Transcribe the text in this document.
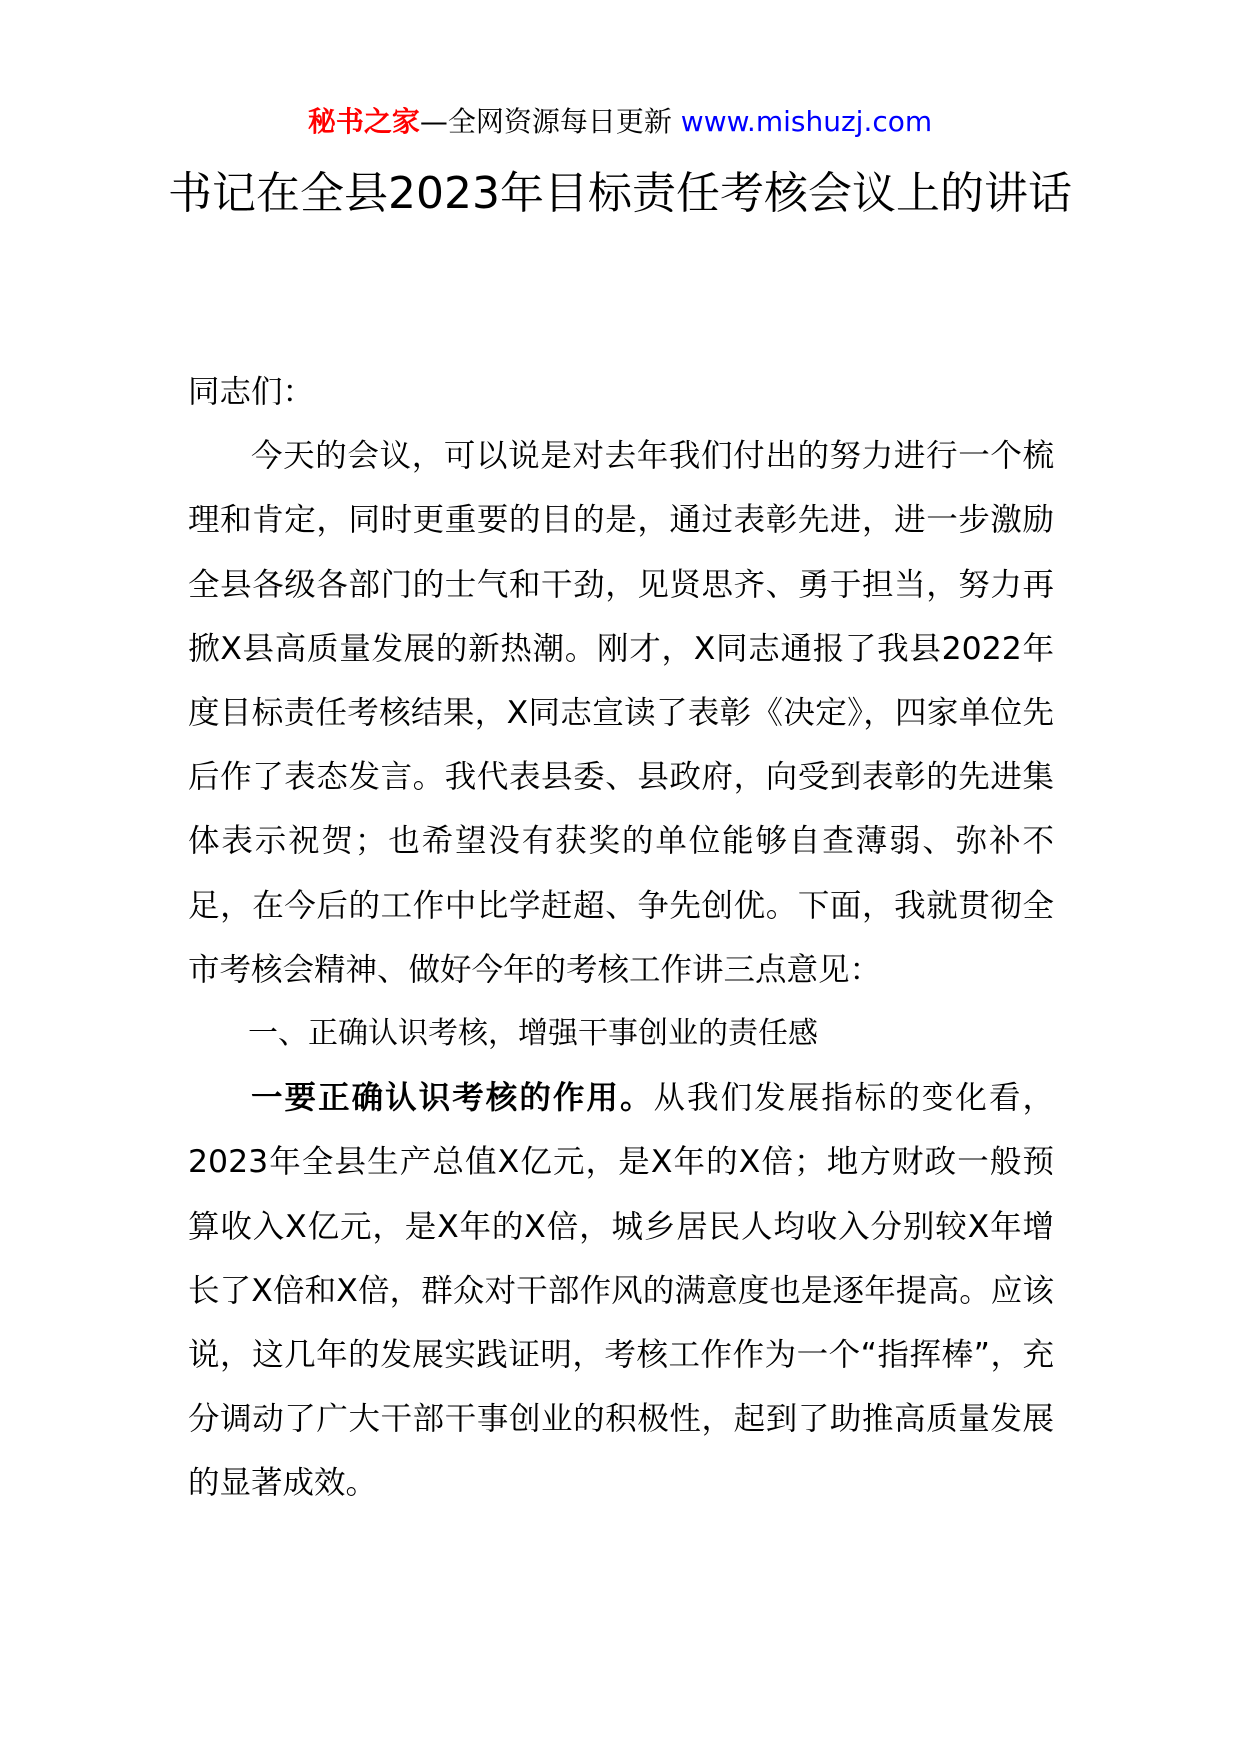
秘书之家—全网资源每日更新 www.mishuzj.com
书记在全县2023年目标责任考核会议上的讲话

同志们：

今天的会议，可以说是对去年我们付出的努力进行一个梳理和肯定，同时更重要的目的是，通过表彰先进，进一步激励全县各级各部门的士气和干劲，见贤思齐、勇于担当，努力再掀X县高质量发展的新热潮。刚才，X同志通报了我县2022年度目标责任考核结果，X同志宣读了表彰《决定》，四家单位先后作了表态发言。我代表县委、县政府，向受到表彰的先进集体表示祝贺；也希望没有获奖的单位能够自查薄弱、弥补不足，在今后的工作中比学赶超、争先创优。下面，我就贯彻全市考核会精神、做好今年的考核工作讲三点意见：

一、正确认识考核，增强干事创业的责任感

一要正确认识考核的作用。从我们发展指标的变化看，2023年全县生产总值X亿元，是X年的X倍；地方财政一般预算收入X亿元，是X年的X倍，城乡居民人均收入分别较X年增长了X倍和X倍，群众对干部作风的满意度也是逐年提高。应该说，这几年的发展实践证明，考核工作作为一个“指挥棒”，充分调动了广大干部干事创业的积极性，起到了助推高质量发展的显著成效。
